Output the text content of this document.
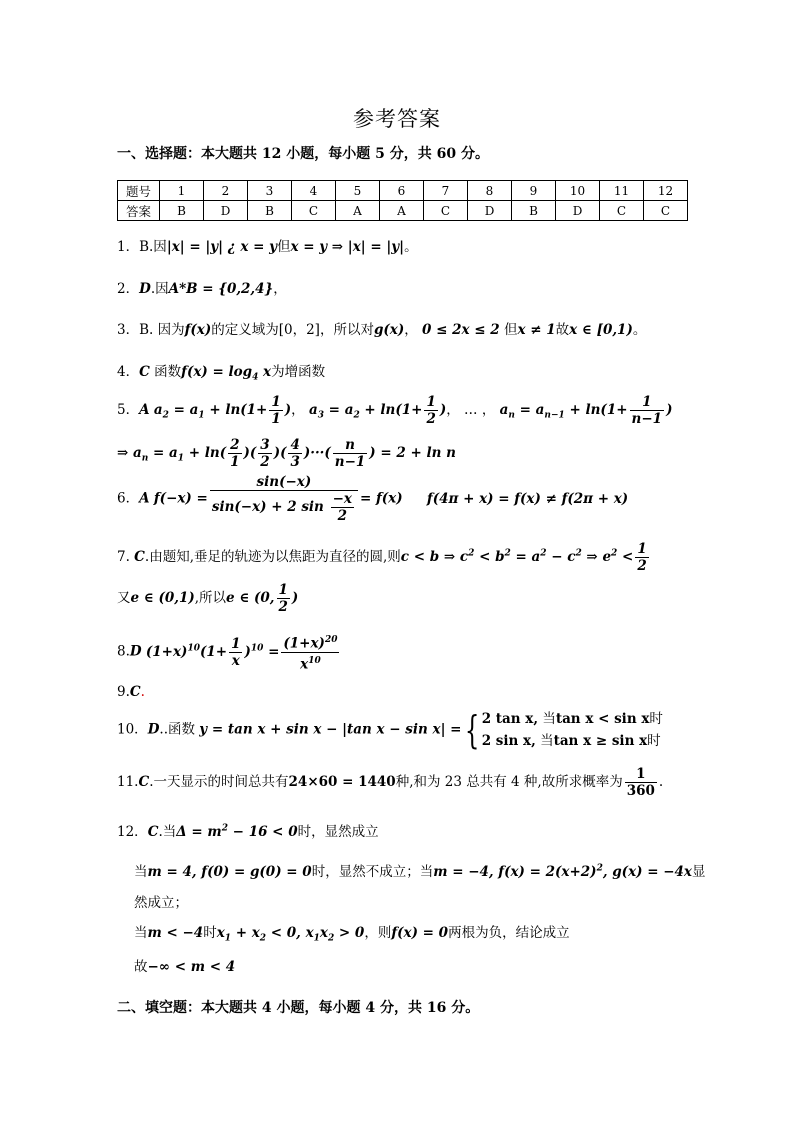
参考答案
一、选择题：本大题共 12 小题，每小题 5 分，共 60 分。
题号	1	2	3	4	5	6	7	8	9	10	11	12
答案	B	D	B	C	A	A	C	D	B	D	C	C
1．B.因|x| = |y| ¿ x = y但x = y ⇒ |x| = |y|。
2．D.因A*B = {0,2,4}，
3．B. 因为f(x)的定义域为[0，2]，所以对g(x)， 0 ≤ 2x ≤ 2 但x ≠ 1故x ∈ [0,1)。
4．C 函数$f(x) = \log_4 x$为增函数
5．A $a_2 = a_1 + \ln(1+ \frac{1}{1}$ )， $a_3 = a_2 + \ln(1+ \frac{1}{2}$ )， … ， $a_n = a_{n-1} + \ln(1+ \frac{1}{n-1}$ )
⇒ $a_n = a_1 + \ln( \frac{2}{1}$ )( $\frac{3}{2}$ )( $\frac{4}{3}$ )···( $\frac{n}{n-1}$ ) = 2 + ln n
6．A $f(-x) = \frac{\sin(-x)}{\sin(-x) + 2 \sin \frac{-x}{2}} = f(x) f(4\pi + x) = f(x) \ne f(2\pi + x)$
7. C.由题知,垂足的轨迹为以焦距为直径的圆,则c < b ⇒ $c^2 < b^2 = a^2 - c^2$ ⇒ $e^2 < \frac{1}{2}$
又e ∈ (0,1),所以e ∈ (0, $\frac{1}{2}$ )
8.D $(1+x)^{10}(1+ \frac{1}{x} )^{10} = \frac{(1+x)^{20}}{x^{10}}$
9.C.
10．D..函数 y = tan x + sin x − |tan x − sin x| ={ 2 tan x, 当tan x < sin x时
2 sin x, 当tan x ≥ sin x时
11.C.一天显示的时间总共有24×60 = 1440种,和为 23 总共有 4 种,故所求概率为 $\frac{1}{360}$ .
12．C.当$\Delta = m^2 - 16 < 0$时，显然成立
当m = 4, f(0) = g(0) = 0时，显然不成立；当m = −4, $f(x) = 2(x+2)^2$, g(x) = −4x显
然成立；
当m < −4时$x_1 + x_2 < 0$, $x_1x_2 > 0$，则f(x) = 0两根为负，结论成立
故−∞ < m < 4
二、填空题：本大题共 4 小题，每小题 4 分，共 16 分。
